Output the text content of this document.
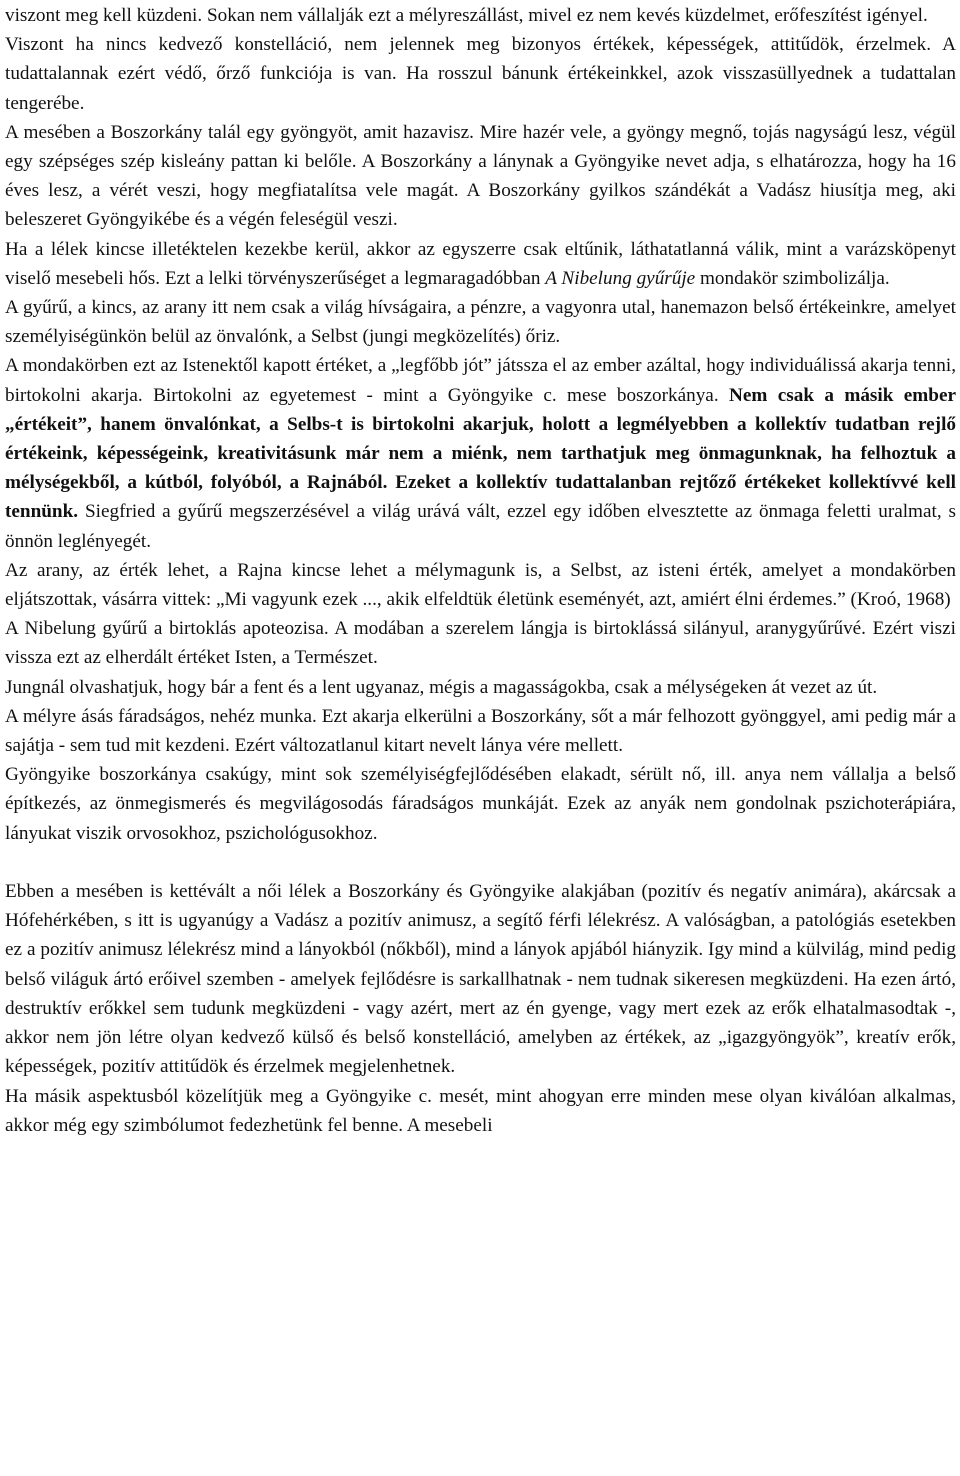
viszont meg kell küzdeni. Sokan nem vállalják ezt a mélyreszállást, mivel ez nem kevés küzdelmet, erőfeszítést igényel.

Viszont ha nincs kedvező konstelláció, nem jelennek meg bizonyos értékek, képességek, attitűdök, érzelmek. A tudattalannak ezért védő, őrző funkciója is van. Ha rosszul bánunk értékeinkkel, azok visszasüllyednek a tudattalan tengerébe.

A mesében a Boszorkány talál egy gyöngyöt, amit hazavisz. Mire hazér vele, a gyöngy megnő, tojás nagyságú lesz, végül egy szépséges szép kisleány pattan ki belőle. A Boszorkány a lánynak a Gyöngyike nevet adja, s elhatározza, hogy ha 16 éves lesz, a vérét veszi, hogy megfiatalítsa vele magát. A Boszorkány gyilkos szándékát a Vadász hiusítja meg, aki beleszeret Gyöngyikébe és a végén feleségül veszi.

Ha a lélek kincse illetéktelen kezekbe kerül, akkor az egyszerre csak eltűnik, láthatatlanná válik, mint a varázsköpenyt viselő mesebeli hős. Ezt a lelki törvényszerűséget a legmaragadóbban A Nibelung gyűrűje mondakör szimbolizálja.

A gyűrű, a kincs, az arany itt nem csak a világ hívságaira, a pénzre, a vagyonra utal, hanemazon belső értékeinkre, amelyet személyiségünkön belül az önvalónk, a Selbst (jungi megközelítés) őriz.

A mondakörben ezt az Istenektől kapott értéket, a „legfőbb jót” játssza el az ember azáltal, hogy individuálissá akarja tenni, birtokolni akarja. Birtokolni az egyetemest - mint a Gyöngyike c. mese boszorkánya. Nem csak a másik ember „értékeit”, hanem önvalónkat, a Selbs-t is birtokolni akarjuk, holott a legmélyebben a kollektív tudatban rejlő értékeink, képességeink, kreativitásunk már nem a miénk, nem tarthatjuk meg önmagunknak, ha felhoztuk a mélységekből, a kútból, folyóból, a Rajnából. Ezeket a kollektív tudattalanban rejtőző értékeket kollektívvé kell tennünk. Siegfried a gyűrű megszerzésével a világ urává vált, ezzel egy időben elvesztette az önmaga feletti uralmat, s önnön leglényegét.

Az arany, az érték lehet, a Rajna kincse lehet a mélymagunk is, a Selbst, az isteni érték, amelyet a mondakörben eljátszottak, vásárra vittek: „Mi vagyunk ezek ..., akik elfeldtük életünk eseményét, azt, amiért élni érdemes.” (Kroó, 1968)

A Nibelung gyűrű a birtoklás apoteozisa. A modában a szerelem lángja is birtoklássá silányul, aranygyűrűvé. Ezért viszi vissza ezt az elherdált értéket Isten, a Természet.

Jungnál olvashatjuk, hogy bár a fent és a lent ugyanaz, mégis a magasságokba, csak a mélységeken át vezet az út.

A mélyre ásás fáradságos, nehéz munka. Ezt akarja elkerülni a Boszorkány, sőt a már felhozott gyönggyel, ami pedig már a sajátja - sem tud mit kezdeni. Ezért változatlanul kitart nevelt lánya vére mellett.

Gyöngyike boszorkánya csakúgy, mint sok személyiségfejlődésében elakadt, sérült nő, ill. anya nem vállalja a belső építkezés, az önmegismerés és megvilágosodás fáradságos munkáját. Ezek az anyák nem gondolnak pszichoterápiára, lányukat viszik orvosokhoz, pszichológusokhoz.

Ebben a mesében is kettévált a női lélek a Boszorkány és Gyöngyike alakjában (pozitív és negatív animára), akárcsak a Hófehérkében, s itt is ugyanúgy a Vadász a pozitív animusz, a segítő férfi lélekrész. A valóságban, a patológiás esetekben ez a pozitív animusz lélekrész mind a lányokból (nőkből), mind a lányok apjából hiányzik. Igy mind a külvilág, mind pedig belső világuk ártó erőivel szemben - amelyek fejlődésre is sarkallhatnak - nem tudnak sikeresen megküzdeni. Ha ezen ártó, destruktív erőkkel sem tudunk megküzdeni - vagy azért, mert az én gyenge, vagy mert ezek az erők elhatalmasodtak -, akkor nem jön létre olyan kedvező külső és belső konstelláció, amelyben az értékek, az „igazgyöngyök”, kreatív erők, képességek, pozitív attitűdök és érzelmek megjelenhetnek.

Ha másik aspektusból közelítjük meg a Gyöngyike c. mesét, mint ahogyan erre minden mese olyan kiválóan alkalmas, akkor még egy szimbólumot fedezhetünk fel benne. A mesebeli
